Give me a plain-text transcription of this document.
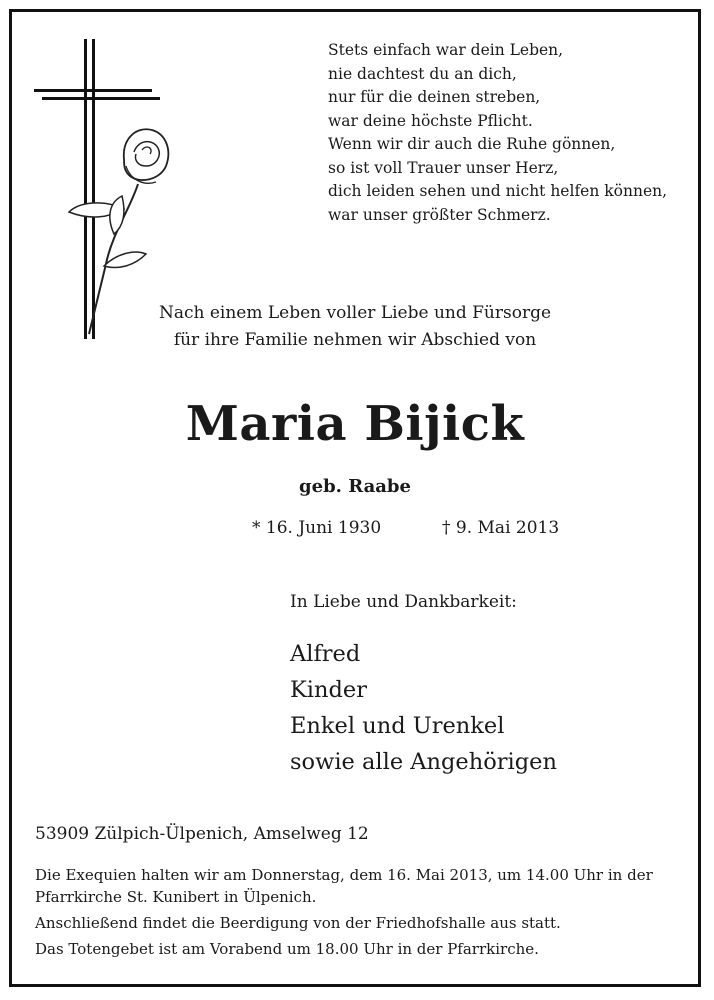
Stets einfach war dein Leben,
nie dachtest du an dich,
nur für die deinen streben,
war deine höchste Pflicht.
Wenn wir dir auch die Ruhe gönnen,
so ist voll Trauer unser Herz,
dich leiden sehen und nicht helfen können,
war unser größter Schmerz.
Nach einem Leben voller Liebe und Fürsorge
für ihre Familie nehmen wir Abschied von
Maria Bijick
geb. Raabe
* 16. Juni 1930	† 9. Mai 2013
In Liebe und Dankbarkeit:
Alfred
Kinder
Enkel und Urenkel
sowie alle Angehörigen
53909 Zülpich-Ülpenich, Amselweg 12

Die Exequien halten wir am Donnerstag, dem 16. Mai 2013, um 14.00 Uhr in der Pfarrkirche St. Kunibert in Ülpenich.

Anschließend findet die Beerdigung von der Friedhofshalle aus statt.

Das Totengebet ist am Vorabend um 18.00 Uhr in der Pfarrkirche.
